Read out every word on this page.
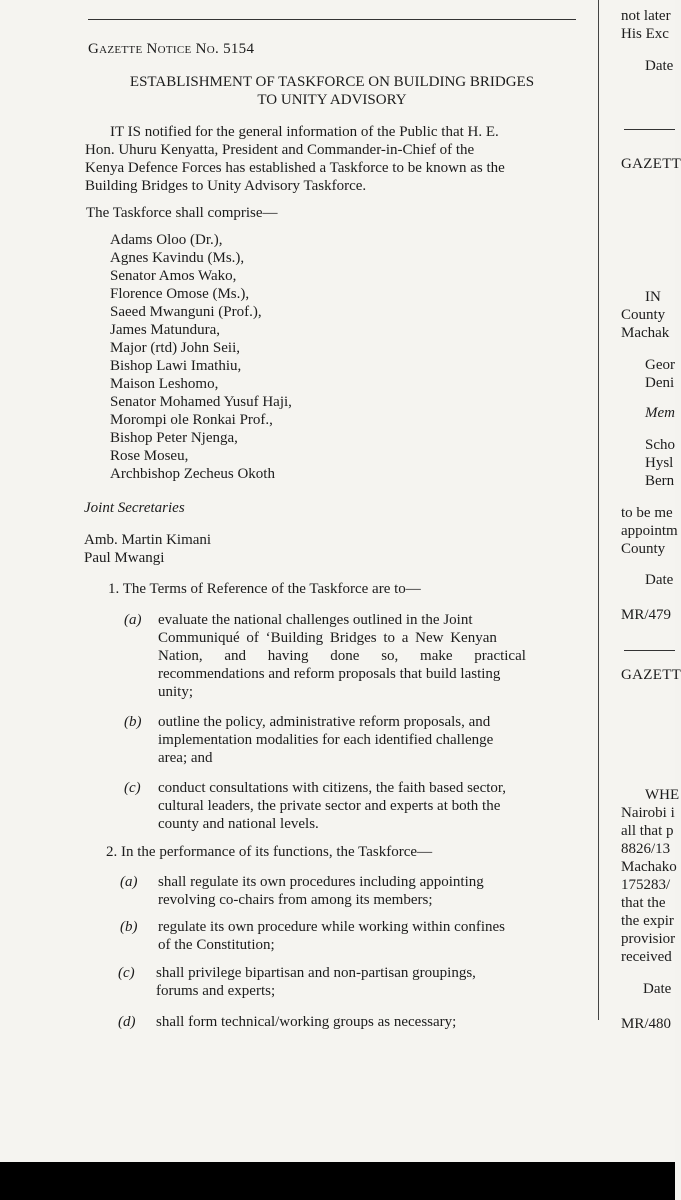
Gazette Notice No. 5154
ESTABLISHMENT OF TASKFORCE ON BUILDING BRIDGES
TO UNITY ADVISORY
IT IS notified for the general information of the Public that H. E.
Hon. Uhuru Kenyatta, President and Commander-in-Chief of the
Kenya Defence Forces has established a Taskforce to be known as the
Building Bridges to Unity Advisory Taskforce.
The Taskforce shall comprise—
Adams Oloo (Dr.),
Agnes Kavindu (Ms.),
Senator Amos Wako,
Florence Omose (Ms.),
Saeed Mwanguni (Prof.),
James Matundura,
Major (rtd) John Seii,
Bishop Lawi Imathiu,
Maison Leshomo,
Senator Mohamed Yusuf Haji,
Morompi ole Ronkai Prof.,
Bishop Peter Njenga,
Rose Moseu,
Archbishop Zecheus Okoth
Joint Secretaries
Amb. Martin Kimani
Paul Mwangi
1. The Terms of Reference of the Taskforce are to—
(a) evaluate the national challenges outlined in the Joint
Communiqué of ‘Building Bridges to a New Kenyan
Nation, and having done so, make practical
recommendations and reform proposals that build lasting
unity;
(b) outline the policy, administrative reform proposals, and
implementation modalities for each identified challenge
area; and
(c) conduct consultations with citizens, the faith based sector,
cultural leaders, the private sector and experts at both the
county and national levels.
2. In the performance of its functions, the Taskforce—
(a) shall regulate its own procedures including appointing
revolving co-chairs from among its members;
(b) regulate its own procedure while working within confines
of the Constitution;
(c) shall privilege bipartisan and non-partisan groupings,
forums and experts;
(d) shall form technical/working groups as necessary;
not later
His Exc
Date
GAZETT
IN
County
Machak
Geor
Deni
Mem
Scho
Hysl
Bern
to be me
appointm
County
Date
MR/479
GAZETT
WHE
Nairobi i
all that p
8826/13
Machako
175283/
that the
the expir
provisior
received
Date
MR/480
